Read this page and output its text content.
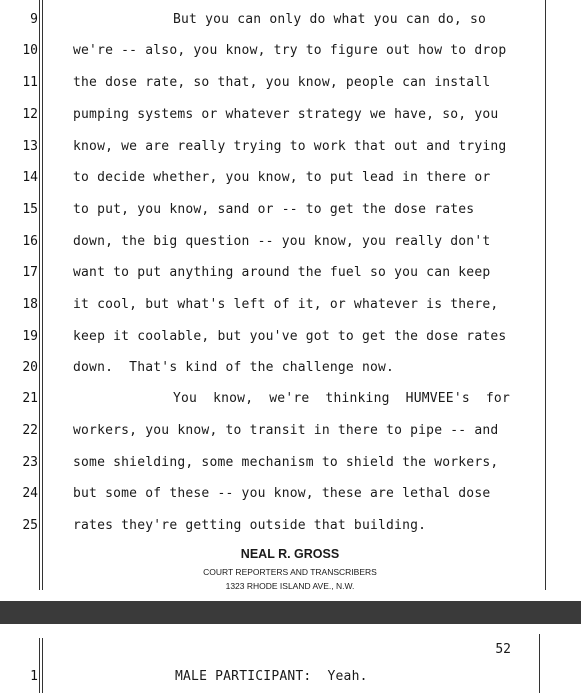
9	But you can only do what you can do, so
10	we're -- also, you know, try to figure out how to drop
11	the dose rate, so that, you know, people can install
12	pumping systems or whatever strategy we have, so, you
13	know, we are really trying to work that out and trying
14	to decide whether, you know, to put lead in there or
15	to put, you know, sand or -- to get the dose rates
16	down, the big question -- you know, you really don't
17	want to put anything around the fuel so you can keep
18	it cool, but what's left of it, or whatever is there,
19	keep it coolable, but you've got to get the dose rates
20	down.  That's kind of the challenge now.
21	You know, we're thinking HUMVEE's for
22	workers, you know, to transit in there to pipe -- and
23	some shielding, some mechanism to shield the workers,
24	but some of these -- you know, these are lethal dose
25	rates they're getting outside that building.
NEAL R. GROSS
COURT REPORTERS AND TRANSCRIBERS
1323 RHODE ISLAND AVE., N.W.
52
1	MALE PARTICIPANT:  Yeah.
